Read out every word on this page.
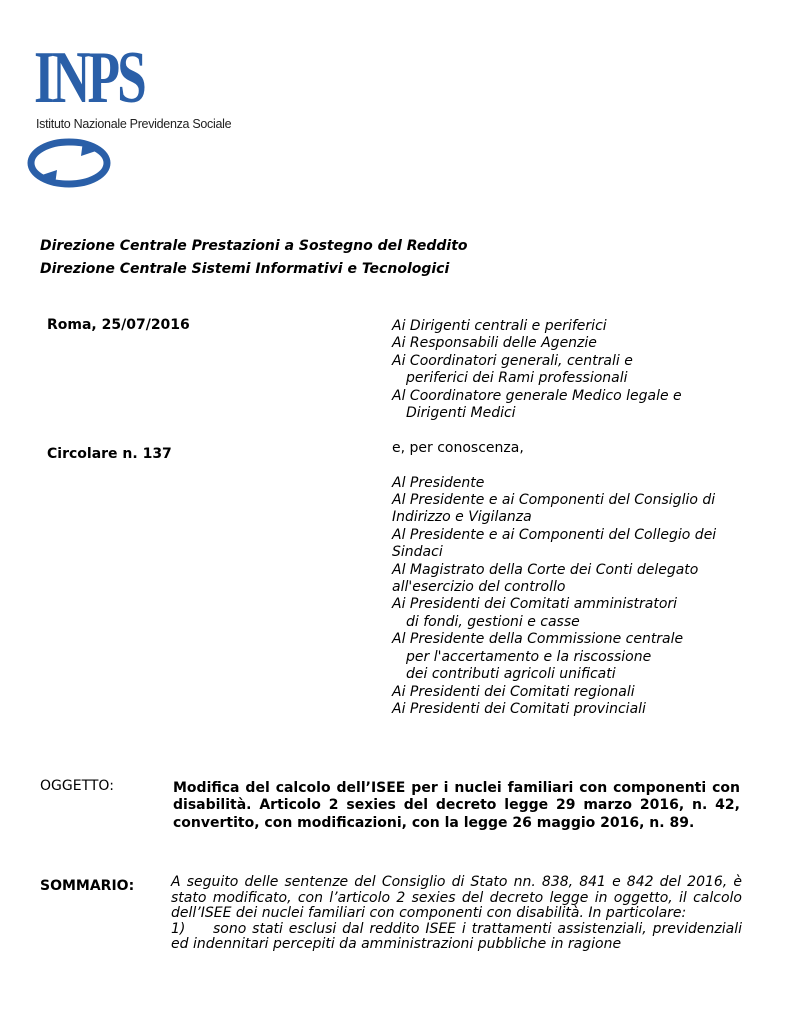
INPS
Istituto Nazionale Previdenza Sociale
Direzione Centrale Prestazioni a Sostegno del Reddito
Direzione Centrale Sistemi Informativi e Tecnologici
Roma, 25/07/2016
Circolare n. 137
Ai Dirigenti centrali e periferici
Ai Responsabili delle Agenzie
Ai Coordinatori generali, centrali e
periferici dei Rami professionali
Al Coordinatore generale Medico legale e
Dirigenti Medici
e, per conoscenza,
Al Presidente
Al Presidente e ai Componenti del Consiglio di
Indirizzo e Vigilanza
Al Presidente e ai Componenti del Collegio dei
Sindaci
Al Magistrato della Corte dei Conti delegato
all'esercizio del controllo
Ai Presidenti dei Comitati amministratori
di fondi, gestioni e casse
Al Presidente della Commissione centrale
per l'accertamento e la riscossione
dei contributi agricoli unificati
Ai Presidenti dei Comitati regionali
Ai Presidenti dei Comitati provinciali
OGGETTO:	Modifica del calcolo dell’ISEE per i nuclei familiari con componenti con disabilità. Articolo 2 sexies del decreto legge 29 marzo 2016, n. 42, convertito, con modificazioni, con la legge 26 maggio 2016, n. 89.
SOMMARIO:	A seguito delle sentenze del Consiglio di Stato nn. 838, 841 e 842 del 2016, è stato modificato, con l’articolo 2 sexies del decreto legge in oggetto, il calcolo dell’ISEE dei nuclei familiari con componenti con disabilità. In particolare:
1) sono stati esclusi dal reddito ISEE i trattamenti assistenziali, previdenziali ed indennitari percepiti da amministrazioni pubbliche in ragione
